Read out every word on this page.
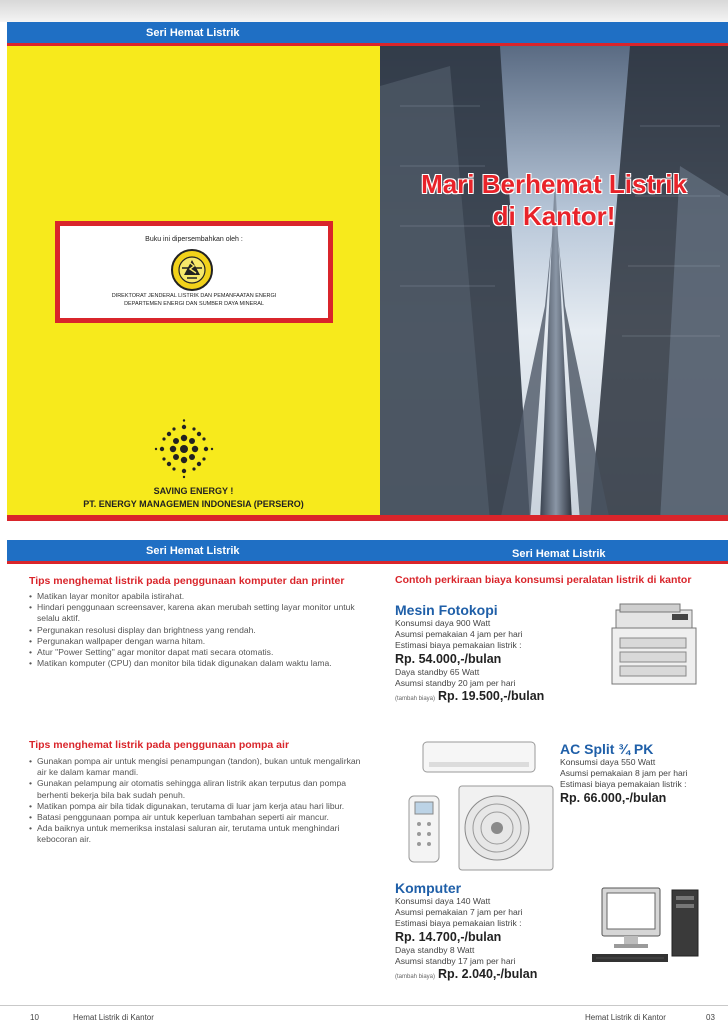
Seri Hemat Listrik
Buku ini dipersembahkan oleh :
DIREKTORAT JENDERAL LISTRIK DAN PEMANFAATAN ENERGI
DEPARTEMEN ENERGI DAN SUMBER DAYA MINERAL
SAVING ENERGY !
PT. ENERGY MANAGEMEN INDONESIA (PERSERO)
Mari Berhemat Listrik
di Kantor!
Seri Hemat Listrik	Seri Hemat Listrik
Tips menghemat listrik pada penggunaan komputer dan printer
• Matikan layar monitor apabila istirahat.
• Hindari penggunaan screensaver, karena akan merubah setting layar monitor untuk selalu aktif.
• Pergunakan resolusi display dan brightness yang rendah.
• Pergunakan wallpaper dengan warna hitam.
• Atur "Power Setting" agar monitor dapat mati secara otomatis.
• Matikan komputer (CPU) dan monitor bila tidak digunakan dalam waktu lama.
Tips menghemat listrik pada penggunaan pompa air
• Gunakan pompa air untuk mengisi penampungan (tandon), bukan untuk mengalirkan air ke dalam kamar mandi.
• Gunakan pelampung air otomatis sehingga aliran listrik akan terputus dan pompa berhenti bekerja bila bak sudah penuh.
• Matikan pompa air bila tidak digunakan, terutama di luar jam kerja atau hari libur.
• Batasi penggunaan pompa air untuk keperluan tambahan seperti air mancur.
• Ada baiknya untuk memeriksa instalasi saluran air, terutama untuk menghindari kebocoran air.
Contoh perkiraan biaya konsumsi peralatan listrik di kantor
Mesin Fotokopi
Konsumsi daya 900 Watt
Asumsi pemakaian 4 jam per hari
Estimasi biaya pemakaian listrik :
Rp. 54.000,-/bulan
Daya standby 65 Watt
Asumsi standby 20 jam per hari
(tambah biaya) Rp. 19.500,-/bulan
AC Split ¾ PK
Konsumsi daya 550 Watt
Asumsi pemakaian 8 jam per hari
Estimasi biaya pemakaian listrik :
Rp. 66.000,-/bulan
Komputer
Konsumsi daya 140 Watt
Asumsi pemakaian 7 jam per hari
Estimasi biaya pemakaian listrik :
Rp. 14.700,-/bulan
Daya standby 8 Watt
Asumsi standby 17 jam per hari
(tambah biaya) Rp. 2.040,-/bulan
10	Hemat Listrik di Kantor	Hemat Listrik di Kantor	03
